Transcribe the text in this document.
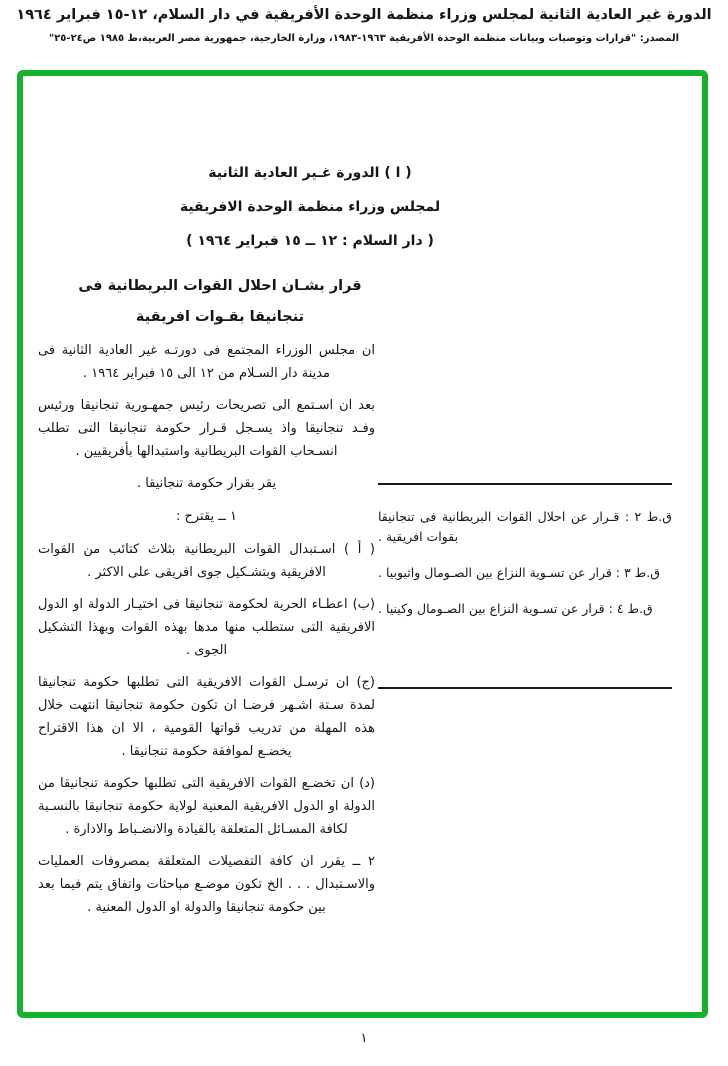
الدورة غير العادية الثانية لمجلس وزراء منظمة الوحدة الأفريقية في دار السلام، ١٢-١٥ فبراير ١٩٦٤
المصدر: "قرارات وتوصيات وبيانات منظمة الوحدة الأفريقية ١٩٦٣-١٩٨٣، وزارة الخارجية، جمهورية مصر العربية،ط ١٩٨٥ ص٢٤-٢٥"
( ا ) الدورة غـير العادية الثانية
لمجلس وزراء منظمة الوحدة الافريقية
( دار السلام : ١٢ ــ ١٥ فبراير ١٩٦٤ )
قرار بشـان احلال القوات البريطانية فى
تنجانيقا بقـوات افريقية

ان مجلس الوزراء المجتمع فى دورتـه غير العادية الثانية فى مدينة دار السـلام من ١٢ الى ١٥ فبراير ١٩٦٤ .

بعد ان اسـتمع الى تصريحات رئيس جمهـورية تنجانيقا ورئيس وفـد تنجانيقا واذ يسـجل قـرار حكومة تنجانيقا التى تطلب انسـحاب القوات البريطانية واستبدالها بأفريقيين .

يقر بقرار حكومة تنجانيقا .

١ ــ يقترح :

( أ ) اسـتبدال القوات البريطانية بثلاث كتائب من القوات الافريقية وبتشـكيل جوى افريقى على الاكثر .

(ب) اعطـاء الحرية لحكومة تنجانيقا فى اختيـار الدولة او الدول الافريقية التى ستطلب منها مدها بهذه القوات وبهذا التشكيل الجوى .

(ج) ان ترسـل القوات الافريقية التى تطلبها حكومة تنجانيقا لمدة سـتة اشـهر فرضـا ان تكون حكومة تنجانيقا انتهت خلال هذه المهلة من تدريب قواتها القومية ، الا ان هذا الاقتراح يخضـع لموافقة حكومة تنجانيقا .

(د) ان تخضـع القوات الافريقية التى تطلبها حكومة تنجانيقا من الدولة او الدول الافريقية المعنية لولاية حكومة تنجانيقا بالنسـبة لكافة المسـائل المتعلقة بالقيادة والانضـباط والادارة .

٢ ــ يقرر ان كافة التفصيلات المتعلقة بمصروفات العمليات والاسـتبدال . . . الخ تكون موضـع مباحثات واتفاق يتم فيما بعد بين حكومة تنجانيقا والدولة او الدول المعنية .

ق.ط ٢ : قـرار عن احلال القوات البريطانية فى تنجانيقا بقوات افريقية .

ق.ط ٣ : قرار عن تسـوية النزاع بين الصـومال واثيوبيا .

ق.ط ٤ : قرار عن تسـوية النزاع بين الصـومال وكينيا .

١
